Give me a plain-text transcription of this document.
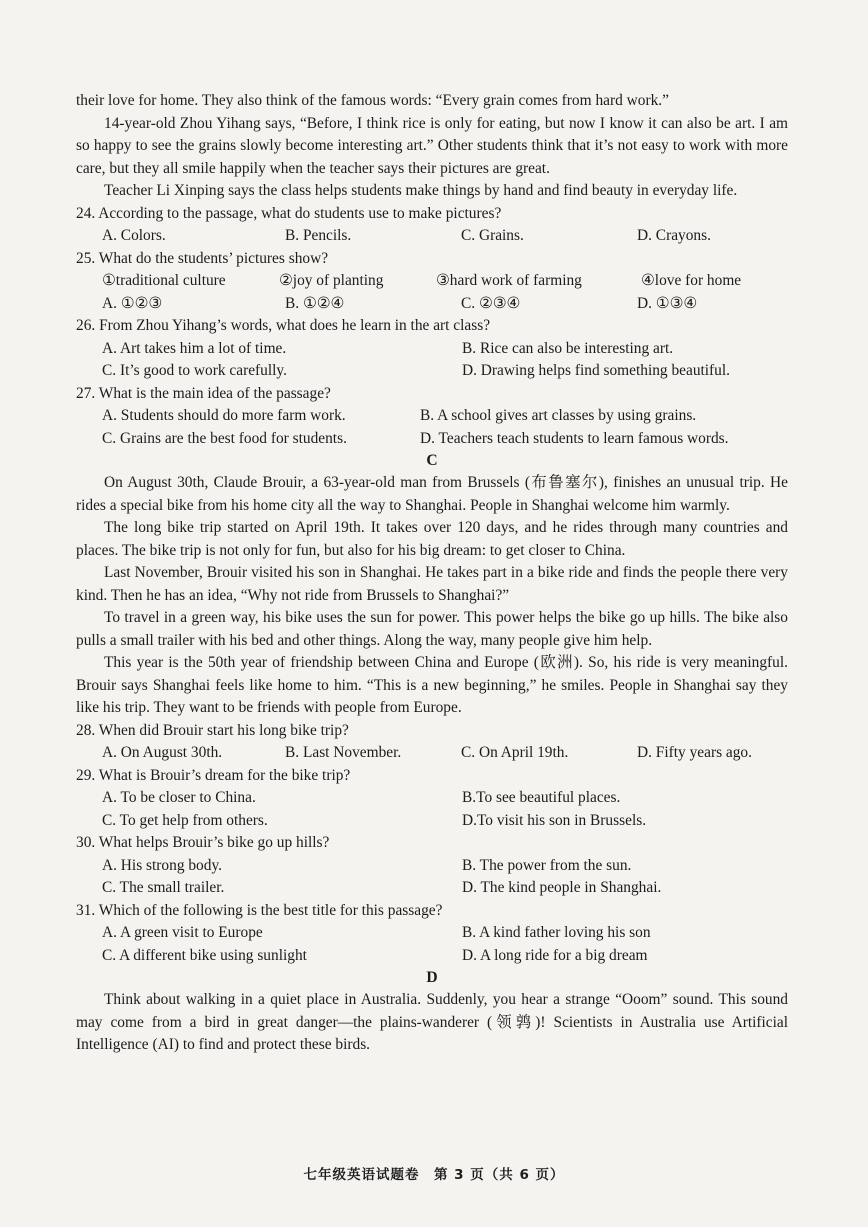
their love for home. They also think of the famous words: “Every grain comes from hard work.”

14-year-old Zhou Yihang says, “Before, I think rice is only for eating, but now I know it can also be art. I am so happy to see the grains slowly become interesting art.” Other students think that it’s not easy to work with more care, but they all smile happily when the teacher says their pictures are great.

Teacher Li Xinping says the class helps students make things by hand and find beauty in everyday life.

24. According to the passage, what do students use to make pictures?
A. Colors.	B. Pencils.	C. Grains.	D. Crayons.
25. What do the students’ pictures show?
①traditional culture	②joy of planting	③hard work of farming	④love for home
A. ①②③	B. ①②④	C. ②③④	D. ①③④
26. From Zhou Yihang’s words, what does he learn in the art class?
A. Art takes him a lot of time.	B. Rice can also be interesting art.
C. It’s good to work carefully.	D. Drawing helps find something beautiful.
27. What is the main idea of the passage?
A. Students should do more farm work.	B. A school gives art classes by using grains.
C. Grains are the best food for students.	D. Teachers teach students to learn famous words.
C

On August 30th, Claude Brouir, a 63-year-old man from Brussels (布鲁塞尔), finishes an unusual trip. He rides a special bike from his home city all the way to Shanghai. People in Shanghai welcome him warmly.

The long bike trip started on April 19th. It takes over 120 days, and he rides through many countries and places. The bike trip is not only for fun, but also for his big dream: to get closer to China.

Last November, Brouir visited his son in Shanghai. He takes part in a bike ride and finds the people there very kind. Then he has an idea, “Why not ride from Brussels to Shanghai?”

To travel in a green way, his bike uses the sun for power. This power helps the bike go up hills. The bike also pulls a small trailer with his bed and other things. Along the way, many people give him help.

This year is the 50th year of friendship between China and Europe (欧洲). So, his ride is very meaningful. Brouir says Shanghai feels like home to him. “This is a new beginning,” he smiles. People in Shanghai say they like his trip. They want to be friends with people from Europe.

28. When did Brouir start his long bike trip?
A. On August 30th.	B. Last November.	C. On April 19th.	D. Fifty years ago.
29. What is Brouir’s dream for the bike trip?
A. To be closer to China.	B.To see beautiful places.
C. To get help from others.	D.To visit his son in Brussels.
30. What helps Brouir’s bike go up hills?
A. His strong body.	B. The power from the sun.
C. The small trailer.	D. The kind people in Shanghai.
31. Which of the following is the best title for this passage?
A. A green visit to Europe	B. A kind father loving his son
C. A different bike using sunlight	D. A long ride for a big dream
D

Think about walking in a quiet place in Australia. Suddenly, you hear a strange “Ooom” sound. This sound may come from a bird in great danger—the plains-wanderer (领鹑)! Scientists in Australia use Artificial Intelligence (AI) to find and protect these birds.

七年级英语试题卷　第 3 页（共 6 页）
